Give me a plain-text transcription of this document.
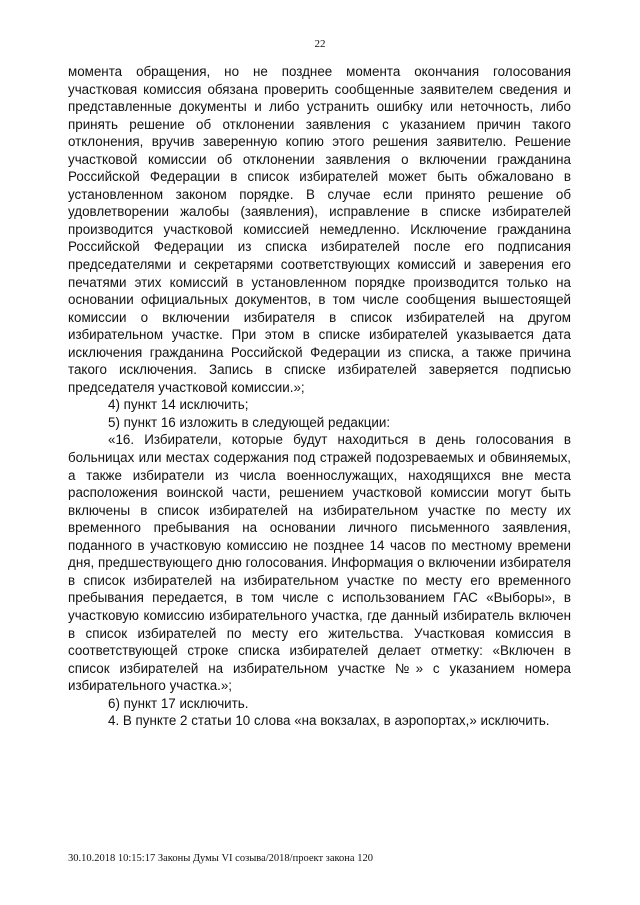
22

момента обращения, но не позднее момента окончания голосования участковая комиссия обязана проверить сообщенные заявителем сведения и представленные документы и либо устранить ошибку или неточность, либо принять решение об отклонении заявления с указанием причин такого отклонения, вручив заверенную копию этого решения заявителю. Решение участковой комиссии об отклонении заявления о включении гражданина Российской Федерации в список избирателей может быть обжаловано в установленном законом порядке. В случае если принято решение об удовлетворении жалобы (заявления), исправление в списке избирателей производится участковой комиссией немедленно. Исключение гражданина Российской Федерации из списка избирателей после его подписания председателями и секретарями соответствующих комиссий и заверения его печатями этих комиссий в установленном порядке производится только на основании официальных документов, в том числе сообщения вышестоящей комиссии о включении избирателя в список избирателей на другом избирательном участке. При этом в списке избирателей указывается дата исключения гражданина Российской Федерации из списка, а также причина такого исключения. Запись в списке избирателей заверяется подписью председателя участковой комиссии.»;

4) пункт 14 исключить;

5) пункт 16 изложить в следующей редакции:

«16. Избиратели, которые будут находиться в день голосования в больницах или местах содержания под стражей подозреваемых и обвиняемых, а также избиратели из числа военнослужащих, находящихся вне места расположения воинской части, решением участковой комиссии могут быть включены в список избирателей на избирательном участке по месту их временного пребывания на основании личного письменного заявления, поданного в участковую комиссию не позднее 14 часов по местному времени дня, предшествующего дню голосования. Информация о включении избирателя в список избирателей на избирательном участке по месту его временного пребывания передается, в том числе с использованием ГАС «Выборы», в участковую комиссию избирательного участка, где данный избиратель включен в список избирателей по месту его жительства. Участковая комиссия в соответствующей строке списка избирателей делает отметку: «Включен в список избирателей на избирательном участке №» с указанием номера избирательного участка.»;

6) пункт 17 исключить.

4. В пункте 2 статьи 10 слова «на вокзалах, в аэропортах,» исключить.

30.10.2018 10:15:17 Законы Думы VI созыва/2018/проект закона 120
